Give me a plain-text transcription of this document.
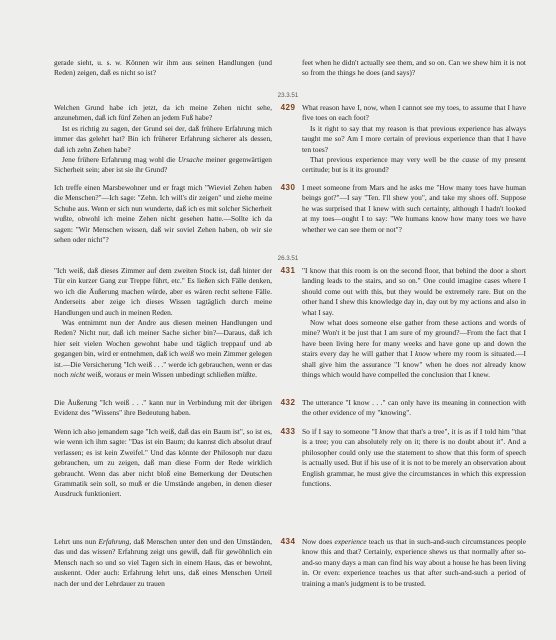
gerade sieht, u. s. w. Können wir ihm aus seinen Handlungen (und Reden) zeigen, daß es nicht so ist?

feet when he didn't actually see them, and so on. Can we shew him it is not so from the things he does (and says)?

23.3.51
429

Welchen Grund habe ich jetzt, da ich meine Zehen nicht sehe, anzunehmen, daß ich fünf Zehen an jedem Fuß habe?

Ist es richtig zu sagen, der Grund sei der, daß frühere Erfahrung mich immer das gelehrt hat? Bin ich früherer Erfahrung sicherer als dessen, daß ich zehn Zehen habe?

Jene frühere Erfahrung mag wohl die Ursache meiner gegenwärtigen Sicherheit sein; aber ist sie ihr Grund?

What reason have I, now, when I cannot see my toes, to assume that I have five toes on each foot?

Is it right to say that my reason is that previous experience has always taught me so? Am I more certain of previous experience than that I have ten toes?

That previous experience may very well be the cause of my present certitude; but is it its ground?

430

Ich treffe einen Marsbewohner und er fragt mich "Wieviel Zehen haben die Menschen?"—Ich sage: "Zehn. Ich will's dir zeigen" und ziehe meine Schuhe aus. Wenn er sich nun wunderte, daß ich es mit solcher Sicherheit wußte, obwohl ich meine Zehen nicht gesehen hatte.—Sollte ich da sagen: "Wir Menschen wissen, daß wir soviel Zehen haben, ob wir sie sehen oder nicht"?

I meet someone from Mars and he asks me "How many toes have human beings got?"—I say "Ten. I'll shew you", and take my shoes off. Suppose he was surprised that I knew with such certainty, although I hadn't looked at my toes—ought I to say: "We humans know how many toes we have whether we can see them or not"?

26.3.51
431

"Ich weiß, daß dieses Zimmer auf dem zweiten Stock ist, daß hinter der Tür ein kurzer Gang zur Treppe führt, etc." Es ließen sich Fälle denken, wo ich die Äußerung machen würde, aber es wären recht seltene Fälle. Anderseits aber zeige ich dieses Wissen tagtäglich durch meine Handlungen und auch in meinen Reden.

Was entnimmt nun der Andre aus diesen meinen Handlungen und Reden? Nicht nur, daß ich meiner Sache sicher bin?—Daraus, daß ich hier seit vielen Wochen gewohnt habe und täglich treppauf und ab gegangen bin, wird er entnehmen, daß ich weiß wo mein Zimmer gelegen ist.—Die Versicherung "Ich weiß . . ." werde ich gebrauchen, wenn er das noch nicht weiß, woraus er mein Wissen unbedingt schließen müßte.

"I know that this room is on the second floor, that behind the door a short landing leads to the stairs, and so on." One could imagine cases where I should come out with this, but they would be extremely rare. But on the other hand I shew this knowledge day in, day out by my actions and also in what I say.

Now what does someone else gather from these actions and words of mine? Won't it be just that I am sure of my ground?—From the fact that I have been living here for many weeks and have gone up and down the stairs every day he will gather that I know where my room is situated.—I shall give him the assurance "I know" when he does not already know things which would have compelled the conclusion that I knew.

432

Die Äußerung "Ich weiß . . ." kann nur in Verbindung mit der übrigen Evidenz des "Wissens" ihre Bedeutung haben.

The utterance "I know . . ." can only have its meaning in connection with the other evidence of my "knowing".

433

Wenn ich also jemandem sage "Ich weiß, daß das ein Baum ist", so ist es, wie wenn ich ihm sagte: "Das ist ein Baum; du kannst dich absolut drauf verlassen; es ist kein Zweifel." Und das könnte der Philosoph nur dazu gebrauchen, um zu zeigen, daß man diese Form der Rede wirklich gebraucht. Wenn das aber nicht bloß eine Bemerkung der Deutschen Grammatik sein soll, so muß er die Umstände angeben, in denen dieser Ausdruck funktioniert.

So if I say to someone "I know that that's a tree", it is as if I told him "that is a tree; you can absolutely rely on it; there is no doubt about it". And a philosopher could only use the statement to show that this form of speech is actually used. But if his use of it is not to be merely an observation about English grammar, he must give the circumstances in which this expression functions.

434

Lehrt uns nun Erfahrung, daß Menschen unter den und den Umständen, das und das wissen? Erfahrung zeigt uns gewiß, daß für gewöhnlich ein Mensch nach so und so viel Tagen sich in einem Haus, das er bewohnt, auskennt. Oder auch: Erfahrung lehrt uns, daß eines Menschen Urteil nach der und der Lehrdauer zu trauen

Now does experience teach us that in such-and-such circumstances people know this and that? Certainly, experience shews us that normally after so-and-so many days a man can find his way about a house he has been living in. Or even: experience teaches us that after such-and-such a period of training a man's judgment is to be trusted.
